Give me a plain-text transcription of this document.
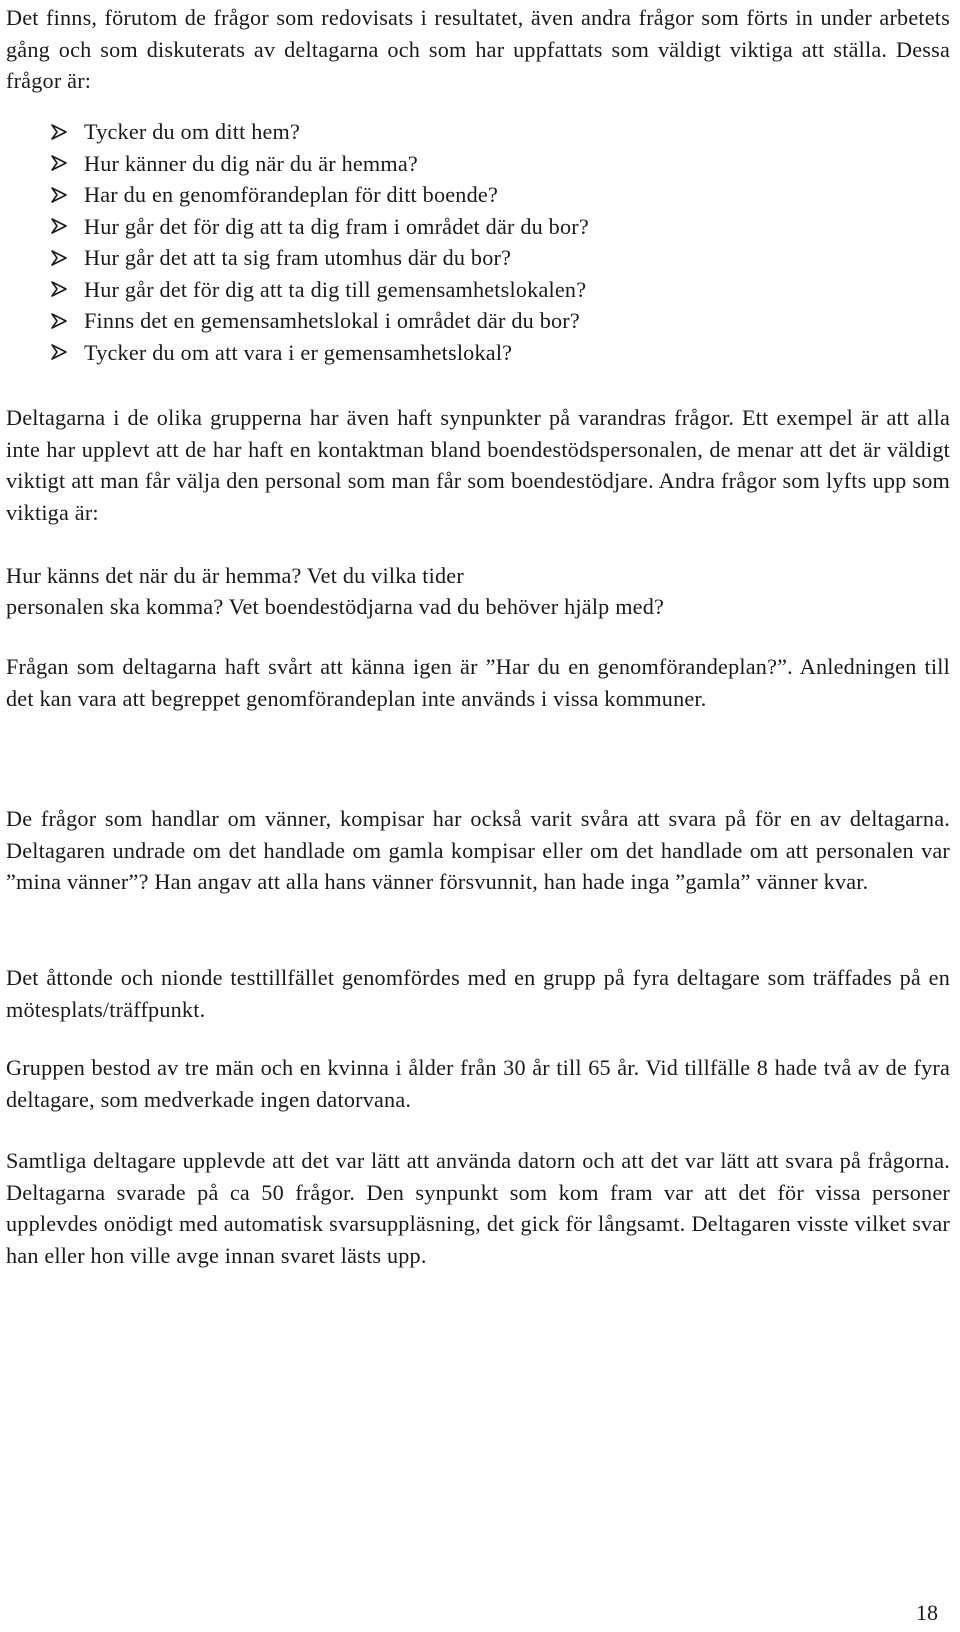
Det finns, förutom de frågor som redovisats i resultatet, även andra frågor som förts in under arbetets gång och som diskuterats av deltagarna och som har uppfattats som väldigt viktiga att ställa. Dessa frågor är:

Tycker du om ditt hem?
Hur känner du dig när du är hemma?
Har du en genomförandeplan för ditt boende?
Hur går det för dig att ta dig fram i området där du bor?
Hur går det att ta sig fram utomhus där du bor?
Hur går det för dig att ta dig till gemensamhetslokalen?
Finns det en gemensamhetslokal i området där du bor?
Tycker du om att vara i er gemensamhetslokal?

Deltagarna i de olika grupperna har även haft synpunkter på varandras frågor. Ett exempel är att alla inte har upplevt att de har haft en kontaktman bland boendestödspersonalen, de menar att det är väldigt viktigt att man får välja den personal som man får som boendestödjare. Andra frågor som lyfts upp som viktiga är:

Hur känns det när du är hemma? Vet du vilka tider

personalen ska komma? Vet boendestödjarna vad du behöver hjälp med?

Frågan som deltagarna haft svårt att känna igen är ”Har du en genomförandeplan?”. Anledningen till det kan vara att begreppet genomförandeplan inte används i vissa kommuner.

De frågor som handlar om vänner, kompisar har också varit svåra att svara på för en av deltagarna. Deltagaren undrade om det handlade om gamla kompisar eller om det handlade om att personalen var ”mina vänner”? Han angav att alla hans vänner försvunnit, han hade inga ”gamla” vänner kvar.

Det åttonde och nionde testtillfället genomfördes med en grupp på fyra deltagare som träffades på en mötesplats/träffpunkt.

Gruppen bestod av tre män och en kvinna i ålder från 30 år till 65 år. Vid tillfälle 8 hade två av de fyra deltagare, som medverkade ingen datorvana.

Samtliga deltagare upplevde att det var lätt att använda datorn och att det var lätt att svara på frågorna. Deltagarna svarade på ca 50 frågor. Den synpunkt som kom fram var att det för vissa personer upplevdes onödigt med automatisk svarsuppläsning, det gick för långsamt. Deltagaren visste vilket svar han eller hon ville avge innan svaret lästs upp.

18
